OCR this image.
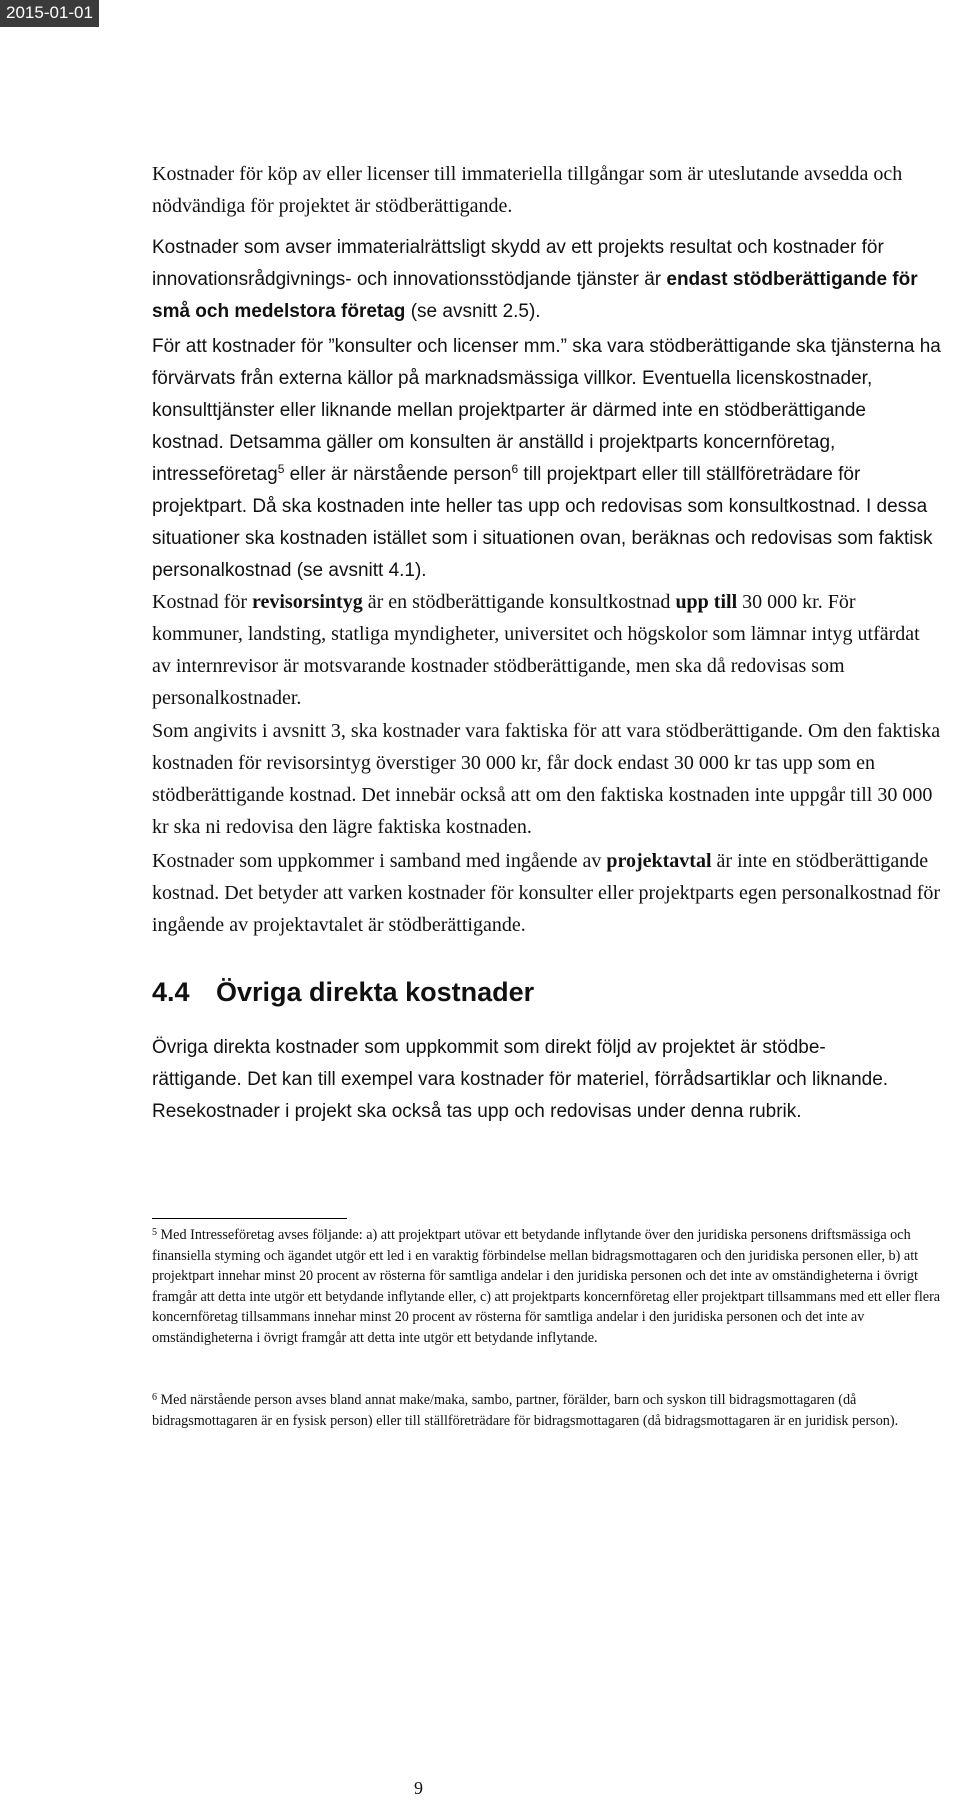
2015-01-01

Kostnader för köp av eller licenser till immateriella tillgångar som är uteslutande avsedda och nödvändiga för projektet är stödberättigande.

Kostnader som avser immaterialrättsligt skydd av ett projekts resultat och kostnader för innovationsrådgivnings- och innovationsstödjande tjänster är endast stödberättigande för små och medelstora företag (se avsnitt 2.5).

För att kostnader för ”konsulter och licenser mm.” ska vara stödberättigande ska tjänsterna ha förvärvats från externa källor på marknadsmässiga villkor. Eventuella licenskostnader, konsulttjänster eller liknande mellan projektparter är därmed inte en stödberättigande kostnad. Detsamma gäller om konsulten är anställd i projektparts koncernföretag, intresseföretag$^5$ eller är närstående person$^6$ till projektpart eller till ställföreträdare för projektpart. Då ska kostnaden inte heller tas upp och redovisas som konsultkostnad. I dessa situationer ska kostnaden istället som i situationen ovan, beräknas och redovisas som faktisk personalkostnad (se avsnitt 4.1).

Kostnad för revisorsintyg är en stödberättigande konsultkostnad upp till 30 000 kr. För kommuner, landsting, statliga myndigheter, universitet och högskolor som lämnar intyg utfärdat av internrevisor är motsvarande kostnader stödberättigande, men ska då redovisas som personalkostnader.

Som angivits i avsnitt 3, ska kostnader vara faktiska för att vara stödberättigande. Om den faktiska kostnaden för revisorsintyg överstiger 30 000 kr, får dock endast 30 000 kr tas upp som en stödberättigande kostnad. Det innebär också att om den faktiska kostnaden inte uppgår till 30 000 kr ska ni redovisa den lägre faktiska kostnaden.

Kostnader som uppkommer i samband med ingående av projektavtal är inte en stödberättigande kostnad. Det betyder att varken kostnader för konsulter eller projektparts egen personalkostnad för ingående av projektavtalet är stödberättigande.

4.4 Övriga direkta kostnader

Övriga direkta kostnader som uppkommit som direkt följd av projektet är stödbe-
rättigande. Det kan till exempel vara kostnader för materiel, förrådsartiklar och liknande. Resekostnader i projekt ska också tas upp och redovisas under denna rubrik.

$^5$ Med Intresseföretag avses följande: a) att projektpart utövar ett betydande inflytande över den juridiska personens driftsmässiga och finansiella styming och ägandet utgör ett led i en varaktig förbindelse mellan bidragsmottagaren och den juridiska personen eller, b) att projektpart innehar minst 20 procent av rösterna för samtliga andelar i den juridiska personen och det inte av omständigheterna i övrigt framgår att detta inte utgör ett betydande inflytande eller, c) att projektparts koncernföretag eller projektpart tillsammans med ett eller flera koncernföretag tillsammans innehar minst 20 procent av rösterna för samtliga andelar i den juridiska personen och det inte av omständigheterna i övrigt framgår att detta inte utgör ett betydande inflytande.

$^6$ Med närstående person avses bland annat make/maka, sambo, partner, förälder, barn och syskon till bidragsmottagaren (då bidragsmottagaren är en fysisk person) eller till ställföreträdare för bidragsmottagaren (då bidragsmottagaren är en juridisk person).

9
